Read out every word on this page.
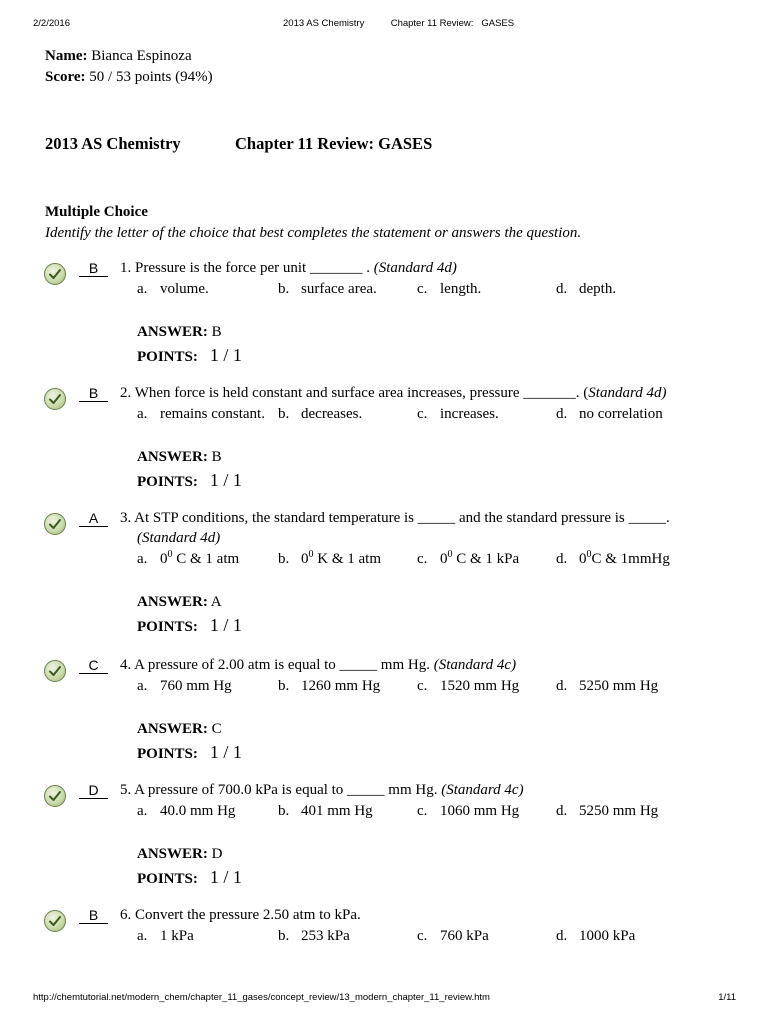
2/2/2016	2013 AS Chemistry          Chapter 11 Review:   GASES
Name: Bianca Espinoza
Score: 50 / 53 points (94%)
2013 AS Chemistry	Chapter 11 Review: GASES
Multiple Choice
Identify the letter of the choice that best completes the statement or answers the question.
B	1. Pressure is the force per unit _______ . (Standard 4d)
a. volume.	b. surface area.	c. length.	d. depth.
ANSWER: B
POINTS: 1 / 1
B	2. When force is held constant and surface area increases, pressure _______. (Standard 4d)
a. remains constant. b. decreases.	c. increases.	d. no correlation
ANSWER: B
POINTS: 1 / 1
A
(Standard 4d)
3. At STP conditions, the standard temperature is _____ and the standard pressure is _____.
a. $0^0$ C & 1 atm	b. $0^0$ K & 1 atm c. $0^0$ C & 1 kPa d. $0^0C$ & 1mmHg
ANSWER: A
POINTS: 1 / 1
C	4. A pressure of 2.00 atm is equal to _____ mm Hg. (Standard 4c)
a. 760 mm Hg	b. 1260 mm Hg c. 1520 mm Hg d. 5250 mm Hg
ANSWER: C
POINTS: 1 / 1
D	5. A pressure of 700.0 kPa is equal to _____ mm Hg. (Standard 4c)
a. 40.0 mm Hg	b. 401 mm Hg	c. 1060 mm Hg d. 5250 mm Hg
ANSWER: D
POINTS: 1 / 1
B	6. Convert the pressure 2.50 atm to kPa.
a. 1 kPa	b. 253 kPa	c. 760 kPa	d. 1000 kPa
http://chemtutorial.net/modern_chem/chapter_11_gases/concept_review/13_modern_chapter_11_review.htm	1/11
